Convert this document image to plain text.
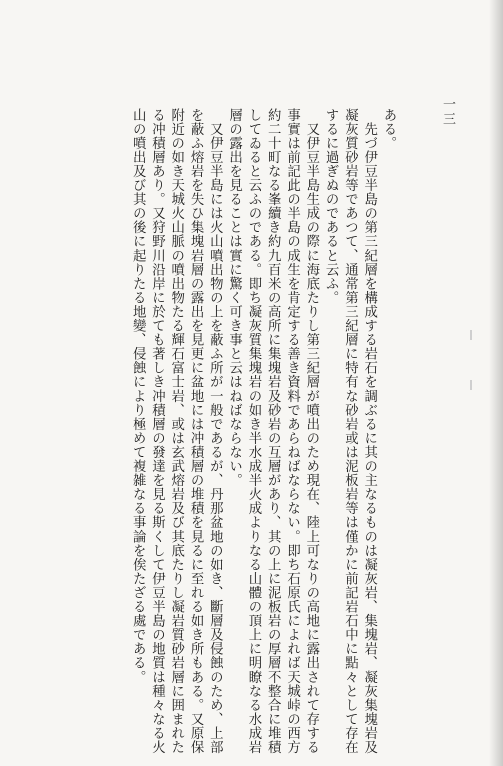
一三
ある。
　先づ伊豆半島の第三紀層を構成する岩石を調ぶるに其の主なるものは凝灰岩、集塊岩、凝灰集塊岩及
凝灰質砂岩等であつて、通常第三紀層に特有な砂岩或は泥板岩等は僅かに前記岩石中に點々として存在
するに過ぎぬのであると云ふ。
　又伊豆半島生成の際に海底たりし第三紀層が噴出のため現在、陸上可なりの高地に露出されて存する
事實は前記此の半島の成生を肯定する善き資料であらねばならない。即ち石原氏によれば天城峠の西方
約二十町なる峯續き約九百米の高所に集塊岩及砂岩の互層があり、其の上に泥板岩の厚層不整合に堆積
してゐると云ふのである。即ち凝灰質集塊岩の如き半水成半火成よりなる山體の頂上に明瞭なる水成岩
層の露出を見ることは實に驚く可き事と云はねばならない。
　又伊豆半島には火山噴出物の上を蔽ふ所が一般であるが、丹那盆地の如き、斷層及侵蝕のため、上部
を蔽ふ熔岩を失ひ集塊岩層の露出を見更に盆地には冲積層の堆積を見るに至れる如き所もある。又原保
附近の如き天城火山脈の噴出物たる輝石富士岩、或は玄武熔岩及び其底たりし凝岩質砂岩層に囲まれた
る冲積層あり。又狩野川沿岸に於ても著しき冲積層の發達を見る斯くして伊豆半島の地質は種々なる火
山の噴出及び其の後に起りたる地變、侵蝕により極めて複雑なる事論を俟たざる處である。
